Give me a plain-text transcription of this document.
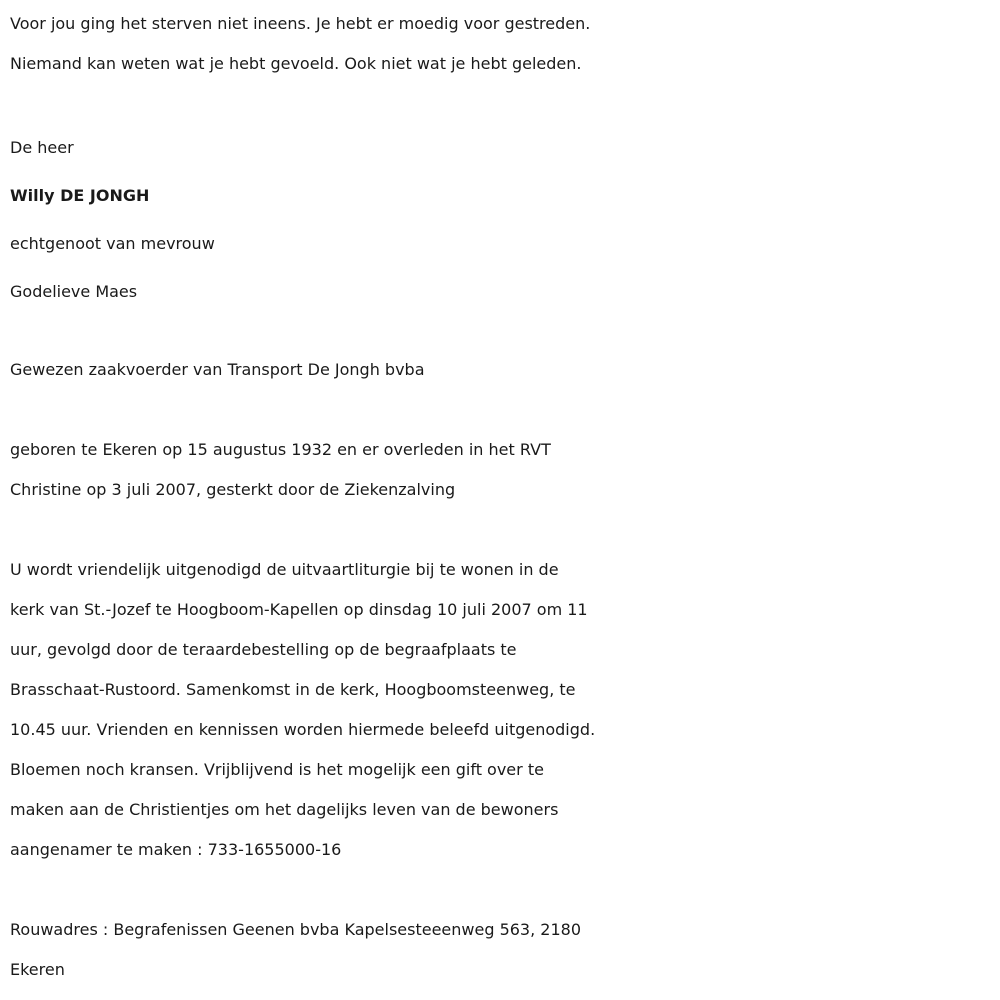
Voor jou ging het sterven niet ineens. Je hebt er moedig voor gestreden.
Niemand kan weten wat je hebt gevoeld. Ook niet wat je hebt geleden.
De heer
Willy DE JONGH
echtgenoot van mevrouw
Godelieve Maes
Gewezen zaakvoerder van Transport De Jongh bvba
geboren te Ekeren op 15 augustus 1932 en er overleden in het RVT
Christine op 3 juli 2007, gesterkt door de Ziekenzalving
U wordt vriendelijk uitgenodigd de uitvaartliturgie bij te wonen in de
kerk van St.-Jozef te Hoogboom-Kapellen op dinsdag 10 juli 2007 om 11
uur, gevolgd door de teraardebestelling op de begraafplaats te
Brasschaat-Rustoord. Samenkomst in de kerk, Hoogboomsteenweg, te
10.45 uur. Vrienden en kennissen worden hiermede beleefd uitgenodigd.
Bloemen noch kransen. Vrijblijvend is het mogelijk een gift over te
maken aan de Christientjes om het dagelijks leven van de bewoners
aangenamer te maken : 733-1655000-16
Rouwadres : Begrafenissen Geenen bvba Kapelsesteeenweg 563, 2180
Ekeren
